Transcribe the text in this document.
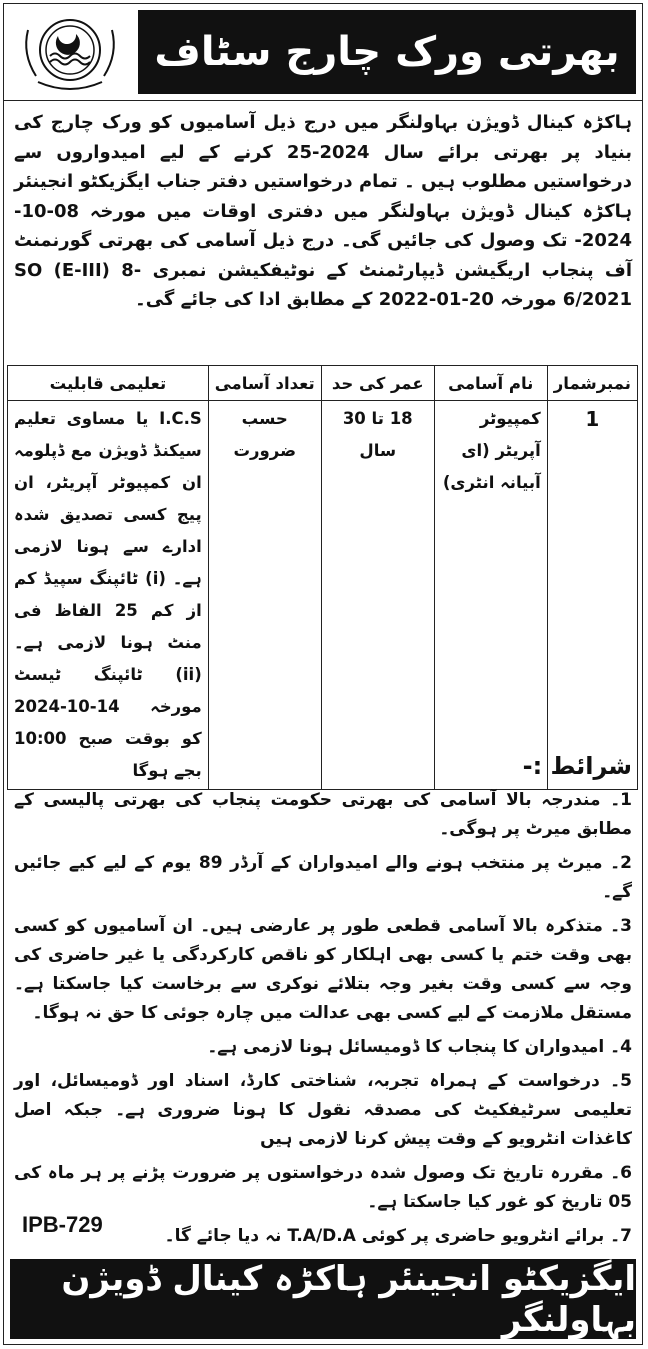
بھرتی ورک چارج سٹاف
ہاکڑہ کینال ڈویژن بہاولنگر میں درج ذیل آسامیوں کو ورک چارج کی بنیاد پر بھرتی برائے سال 2024-25 کرنے کے لیے امیدواروں سے درخواستیں مطلوب ہیں ۔ تمام درخواستیں دفتر جناب ایگزیکٹو انجینئر ہاکڑہ کینال ڈویژن بہاولنگر میں دفتری اوقات میں مورخہ 08-10-2024- تک وصول کی جائیں گی۔ درج ذیل آسامی کی بھرتی گورنمنٹ آف پنجاب اریگیشن ڈیپارٹمنٹ کے نوٹیفکیشن نمبری SO (E-III) 8-6/2021 مورخہ 20-01-2022 کے مطابق ادا کی جائے گی۔
نمبرشمار	نام آسامی	عمر کی حد	تعداد آسامی	تعلیمی قابلیت
1	کمپیوٹر آپریٹر (ای آبیانہ انٹری)	18 تا 30 سال	حسب ضرورت	I.C.S یا مساوی تعلیم سیکنڈ ڈویژن مع ڈپلومہ ان کمپیوٹر آپریٹر، ان پیج کسی تصدیق شدہ ادارے سے ہونا لازمی ہے۔ (i) ٹائپنگ سپیڈ کم از کم 25 الفاظ فی منٹ ہونا لازمی ہے۔ (ii) ٹائپنگ ٹیسٹ مورخہ 14-10-2024 کو بوقت صبح 10:00 بجے ہوگا	شرائط :-
1۔ مندرجہ بالا آسامی کی بھرتی حکومت پنجاب کی بھرتی پالیسی کے مطابق میرٹ پر ہوگی۔
2۔ میرٹ پر منتخب ہونے والے امیدواران کے آرڈر 89 یوم کے لیے کیے جائیں گے۔
3۔ متذکرہ بالا آسامی قطعی طور پر عارضی ہیں۔ ان آسامیوں کو کسی بھی وقت ختم یا کسی بھی اہلکار کو ناقص کارکردگی یا غیر حاضری کی وجہ سے کسی وقت بغیر وجہ بتلائے نوکری سے برخاست کیا جاسکتا ہے۔ مستقل ملازمت کے لیے کسی بھی عدالت میں چارہ جوئی کا حق نہ ہوگا۔
4۔ امیدواران کا پنجاب کا ڈومیسائل ہونا لازمی ہے۔
5۔ درخواست کے ہمراہ تجربہ، شناختی کارڈ، اسناد اور ڈومیسائل، اور تعلیمی سرٹیفکیٹ کی مصدقہ نقول کا ہونا ضروری ہے۔ جبکہ اصل کاغذات انٹرویو کے وقت پیش کرنا لازمی ہیں
6۔ مقررہ تاریخ تک وصول شدہ درخواستوں پر ضرورت پڑنے پر ہر ماہ کی 05 تاریخ کو غور کیا جاسکتا ہے۔
7۔ برائے انٹرویو حاضری پر کوئی T.A/D.A نہ دیا جائے گا۔
IPB-729
ایگزیکٹو انجینئر ہاکڑہ کینال ڈویژن بہاولنگر
